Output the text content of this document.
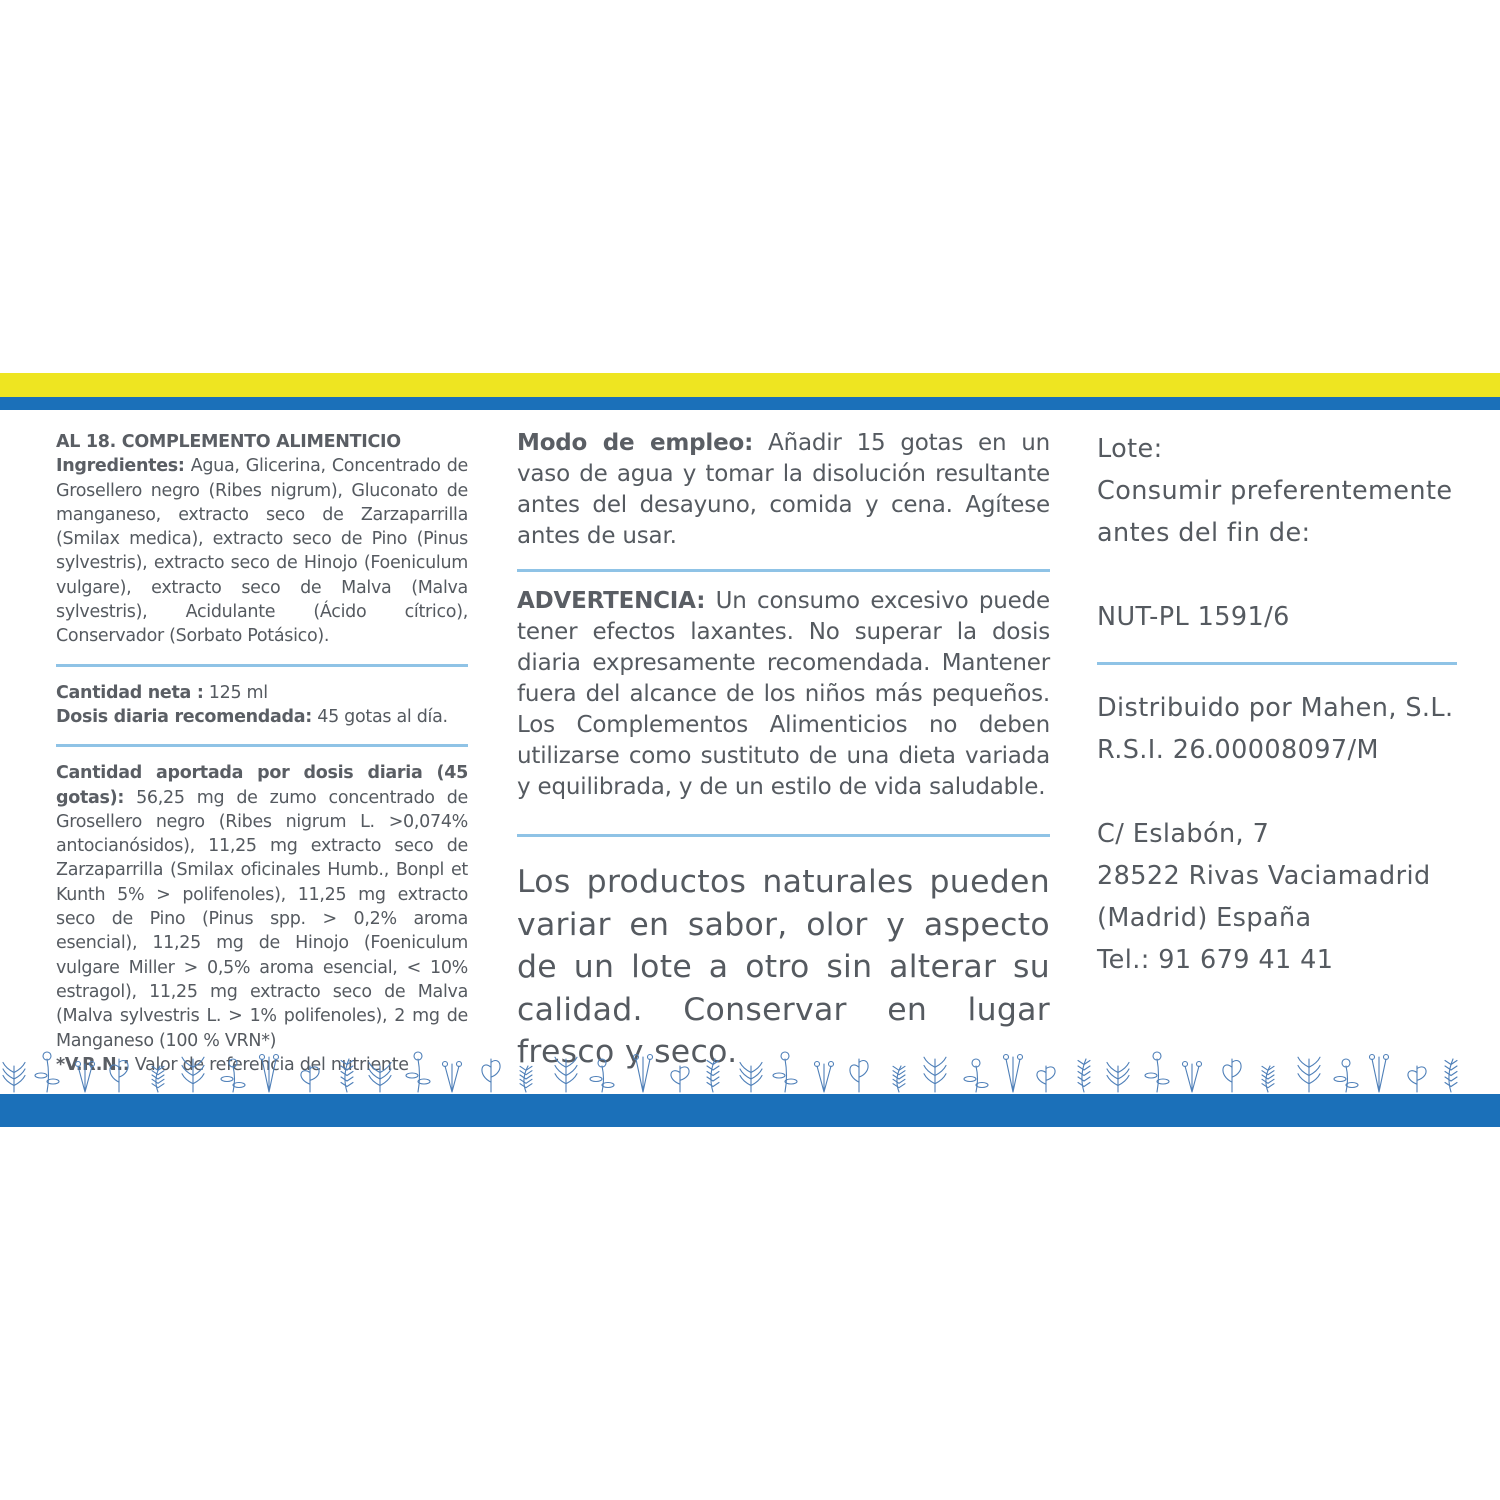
AL 18. COMPLEMENTO ALIMENTICIO
Ingredientes: Agua, Glicerina, Concentrado de Grosellero negro (Ribes nigrum), Gluconato de manganeso, extracto seco de Zarzaparrilla (Smilax medica), extracto seco de Pino (Pinus sylvestris), extracto seco de Hinojo (Foeniculum vulgare), extracto seco de Malva (Malva sylvestris), Acidulante (Ácido cítrico), Conservador (Sorbato Potásico).
Cantidad neta : 125 ml
Dosis diaria recomendada: 45 gotas al día.
Cantidad aportada por dosis diaria (45 gotas): 56,25 mg de zumo concentrado de Grosellero negro (Ribes nigrum L. >0,074% antocianósidos), 11,25 mg extracto seco de Zarzaparrilla (Smilax oficinales Humb., Bonpl et Kunth 5% > polifenoles), 11,25 mg extracto seco de Pino (Pinus spp. > 0,2% aroma esencial), 11,25 mg de Hinojo (Foeniculum vulgare Miller > 0,5% aroma esencial, < 10% estragol), 11,25 mg extracto seco de Malva (Malva sylvestris L. > 1% polifenoles), 2 mg de Manganeso (100 % VRN*)
*V.R.N.: Valor de referencia del nutriente
Modo de empleo: Añadir 15 gotas en un vaso de agua y tomar la disolución resultante antes del desayuno, comida y cena. Agítese antes de usar.
ADVERTENCIA: Un consumo excesivo puede tener efectos laxantes. No superar la dosis diaria expresamente recomendada. Mantener fuera del alcance de los niños más pequeños. Los Complementos Alimenticios no deben utilizarse como sustituto de una dieta variada y equilibrada, y de un estilo de vida saludable.
Los productos naturales pueden variar en sabor, olor y aspecto de un lote a otro sin alterar su calidad. Conservar en lugar fresco y seco.
Lote:
Consumir preferentemente
antes del fin de:
NUT-PL 1591/6
Distribuido por Mahen, S.L.
R.S.I. 26.00008097/M
C/ Eslabón, 7
28522 Rivas Vaciamadrid
(Madrid) España
Tel.: 91 679 41 41
